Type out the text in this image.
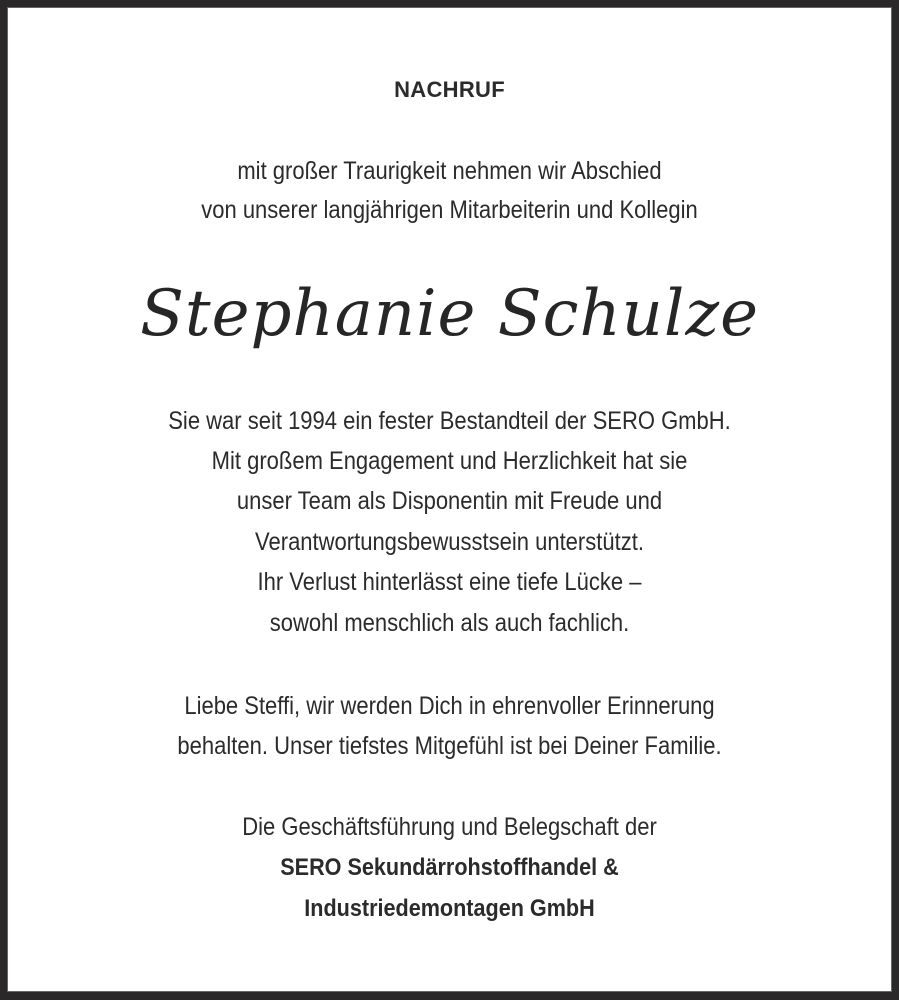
NACHRUF
mit großer Traurigkeit nehmen wir Abschied
von unserer langjährigen Mitarbeiterin und Kollegin
Stephanie Schulze
Sie war seit 1994 ein fester Bestandteil der SERO GmbH.
Mit großem Engagement und Herzlichkeit hat sie
unser Team als Disponentin mit Freude und
Verantwortungsbewusstsein unterstützt.
Ihr Verlust hinterlässt eine tiefe Lücke –
sowohl menschlich als auch fachlich.
Liebe Steffi, wir werden Dich in ehrenvoller Erinnerung
behalten. Unser tiefstes Mitgefühl ist bei Deiner Familie.
Die Geschäftsführung und Belegschaft der
SERO Sekundärrohstoffhandel &
Industriedemontagen GmbH
